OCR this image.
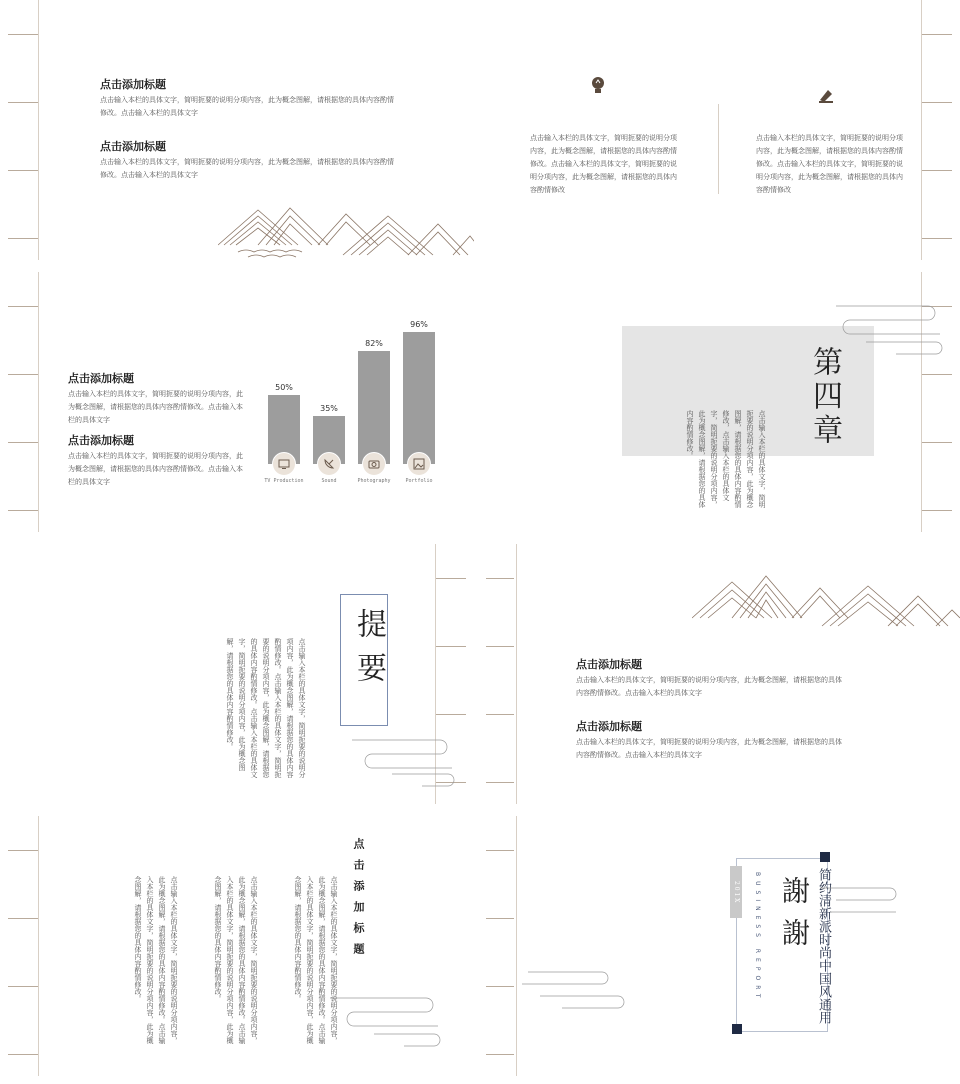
点击添加标题
点击输入本栏的具体文字，简明扼要的说明分项内容，此为概念图解，请根据您的具体内容酌情修改。点击输入本栏的具体文字
点击添加标题
点击输入本栏的具体文字，简明扼要的说明分项内容，此为概念图解，请根据您的具体内容酌情修改。点击输入本栏的具体文字
点击输入本栏的具体文字，简明扼要的说明分项内容，此为概念图解，请根据您的具体内容酌情修改。点击输入本栏的具体文字，简明扼要的说明分项内容，此为概念图解，请根据您的具体内容酌情修改
点击输入本栏的具体文字，简明扼要的说明分项内容，此为概念图解，请根据您的具体内容酌情修改。点击输入本栏的具体文字，简明扼要的说明分项内容，此为概念图解，请根据您的具体内容酌情修改
点击添加标题
点击输入本栏的具体文字，简明扼要的说明分项内容，此为概念图解，请根据您的具体内容酌情修改。点击输入本栏的具体文字
点击添加标题
点击输入本栏的具体文字，简明扼要的说明分项内容，此为概念图解，请根据您的具体内容酌情修改。点击输入本栏的具体文字
50%
TV Production
35%
Sound
82%
Photography
96%
Portfolio
第四章
点击输入本栏的具体文字，简明扼要的说明分项内容，此为概念图解，请根据您的具体内容酌情修改，点击输入本栏的具体文字，简明扼要的说明分项内容，此为概念图解，请根据您的具体内容酌情修改。
提要
点击输入本栏的具体文字，简明扼要的说明分项内容，此为概念图解，请根据您的具体内容酌情修改。点击输入本栏的具体文字，简明扼要的说明分项内容，此为概念图解，请根据您的具体内容酌情修改。点击输入本栏的具体文字，简明扼要的说明分项内容，此为概念图解，请根据您的具体内容酌情修改。	点击添加标题
点击输入本栏的具体文字，简明扼要的说明分项内容，此为概念图解，请根据您的具体内容酌情修改。点击输入本栏的具体文字
点击添加标题
点击输入本栏的具体文字，简明扼要的说明分项内容，此为概念图解，请根据您的具体内容酌情修改。点击输入本栏的具体文字
点击添加标题
点击输入本栏的具体文字，简明扼要的说明分项内容，此为概念图解，请根据您的具体内容酌情修改。点击输入本栏的具体文字，简明扼要的说明分项内容，此为概念图解，请根据您的具体内容酌情修改。
点击输入本栏的具体文字，简明扼要的说明分项内容，此为概念图解，请根据您的具体内容酌情修改。点击输入本栏的具体文字，简明扼要的说明分项内容，此为概念图解，请根据您的具体内容酌情修改。
点击输入本栏的具体文字，简明扼要的说明分项内容，此为概念图解，请根据您的具体内容酌情修改。点击输入本栏的具体文字，简明扼要的说明分项内容，此为概念图解，请根据您的具体内容酌情修改。	2 0 1 X	BUSINESS REPORT 謝謝 简约清新派时尚中国风通用
